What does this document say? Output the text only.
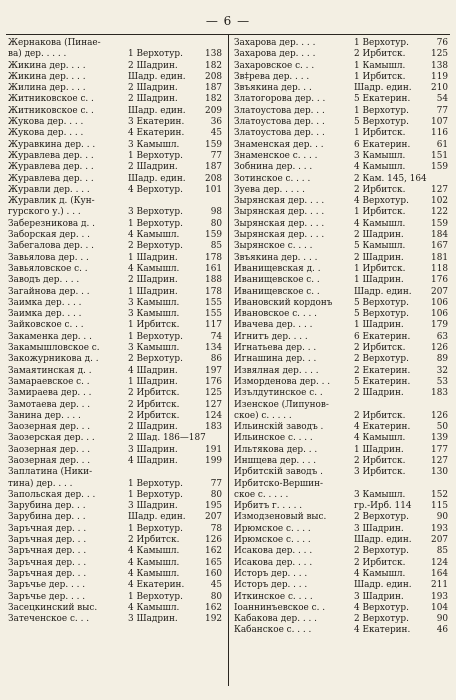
— 6 —
Жернакова (Пинае-
ва) дер. . . . .	1 Верхотур. 138
Жикина дер. . . .	2 Шадрин.	182
Жикина дер. . . .	Шадр. един. 208
Жилина дер. . . .	2 Шадрин.	187
Житниковское с. .	2 Шадрин.	182
Житниковское с. .	Шадр. един. 209
Жукова дер. . . .	3 Екатерин.	36
Жукова дер. . . .	4 Екатерин.	45
Журавкина дер. . .	3 Камышл.	159
Журавлева дер. . .	1 Верхотур.	77
Журавлева дер. . .	2 Шадрин.	187
Журавлева дер. . .	Шадр. един. 208
Журавли дер. . . .	4 Верхотур. 101
Журавлик д. (Кун-
гурского у.) . . .	3 Верхотур.	98
Заберезникова д. .	1 Верхотур.	80
Заборская дер. . .	4 Камышл.	159
Забегалова дер. . .	2 Верхотур.	85
Завьялова дер. . .	1 Шадрин.	178
Завьяловское с. .	4 Камышл.	161
Заводъ дер. . . .	2 Шадрин.	188
Загайнова дер. . .	1 Шадрин.	178
Заимка дер. . . .	3 Камышл.	155
Заимка дер. . . .	3 Камышл.	155
Зайковское с. . .	1 Ирбитск.	117
Закаменка дер. . .	1 Верхотур.	74
Закамышловское с.	3 Камышл.	134
Закожурникова д. .	2 Верхотур.	86
Замаятинская д. .	4 Шадрин.	197
Замараевское с. .	1 Шадрин.	176
Замираева дер. . .	2 Ирбитск.	125
Замотаева дер. . .	2 Ирбитск.	127
Занина дер. . . .	2 Ирбитск.	124
Заозерная дер. . .	2 Шадрин.	183
Заозерская дер. . .	2 Шад. 186—187
Заозерная дер. . .	3 Шадрин.	191
Заозерная дер. . .	4 Шадрин.	199
Заплатина (Ники-
тина) дер. . . .	1 Верхотур.	77
Запольская дер. . .	1 Верхотур.	80
Зарубина дер. . .	3 Шадрин.	195
Зарубина дер. . .	Шадр. един. 207
Заръчная дер. . .	1 Верхотур.	78
Заръчная дер. . .	2 Ирбитск.	126
Заръчная дер. . .	4 Камышл.	162
Заръчная дер. . .	4 Камышл.	165
Заръчная дер. . .	4 Камышл.	160
Заръчье дер. . . .	4 Екатерин.	45
Заръчье дер. . . .	1 Верхотур.	80
Засецкинский выс.	4 Камышл.	162
Затеченское с. . .	3 Шадрин.	192
Захарова дер. . . .	1 Верхотур.	76
Захарова дер. . . .	2 Ирбитск.	125
Захаровское с. . .	1 Камышл.	138
Зв‡рева дер. . . .	1 Ирбитск.	119
Звъякина дер. . .	Шадр. един. 210
Златогорова дер. . .	5 Екатерин.	54
Златоустова дер. . .	1 Верхотур.	77
Златоустова дер. . .	5 Верхотур. 107
Златоустова дер. . .	1 Ирбитск.	116
Знаменская дер. . .	6 Екатерин.	61
Знаменское с. . . .	3 Камышл.	151
Зобнина дер. . . .	4 Камышл.	159
Зотинское с. . . .	2 Кам. 145, 164
Зуева дер. . . . .	2 Ирбитск.	127
Зырянская дер. . . .	4 Верхотур. 102
Зырянская дер. . . .	1 Ирбитск.	122
Зырянская дер. . . .	4 Камышл.	159
Зырянская дер. . . .	2 Шадрин.	184
Зырянское с. . . .	5 Камышл.	167
Звъякина дер. . . .	2 Шадрин.	181
Иванищевская д. .	1 Ирбитск.	118
Иванищевское с. .	1 Шадрин.	176
Иванищевское с. .	Шадр. един. 207
Ивановский кордонъ 5 Верхотур. 106
Ивановское с. . . .	5 Верхотур. 106
Ивачева дер. . . .	1 Шадрин.	179
Игнитъ дер. . . .	6 Екатерин.	63
Игнатьева дер. . .	2 Ирбитск.	126
Игнашина дер. . .	2 Верхотур.	89
Извялная дер. . . .	2 Екатерин.	32
Изморденова дер. . .	5 Екатерин.	53
Изълдутинское с. .	2 Шадрин.	183
Изенское (Липунов-
ское) с. . . . .	2 Ирбитск.	126
Ильинскій заводъ .	4 Екатерин.	50
Ильинское с. . . .	4 Камышл.	139
Ильтякова дер. . .	1 Шадрин.	177
Иншцева дер. . . .	2 Ирбитск.	127
Ирбитскій заводъ .	3 Ирбитск.	130
Ирбитско-Вершин-
ское с. . . . .	3 Камышл.	152
Ирбитъ г. . . . .	гр.-Ирб. 114 115
Измодзеновый выс.	2 Верхотур.	90
Ирюмское с. . . .	3 Шадрин.	193
Ирюмское с. . . .	Шадр. един. 207
Исакова дер. . . .	2 Верхотур.	85
Исакова дер. . . .	2 Ирбитск.	124
Исторъ дер. . . .	4 Камышл.	164
Исторъ дер. . . .	Шадр. един. 211
Иткинское с. . . .	3 Шадрин.	193
Іоаннинъевское с. .	4 Верхотур. 104
Кабакова дер. . . .	2 Верхотур.	90
Кабанское с. . . .	4 Екатерин.	46
